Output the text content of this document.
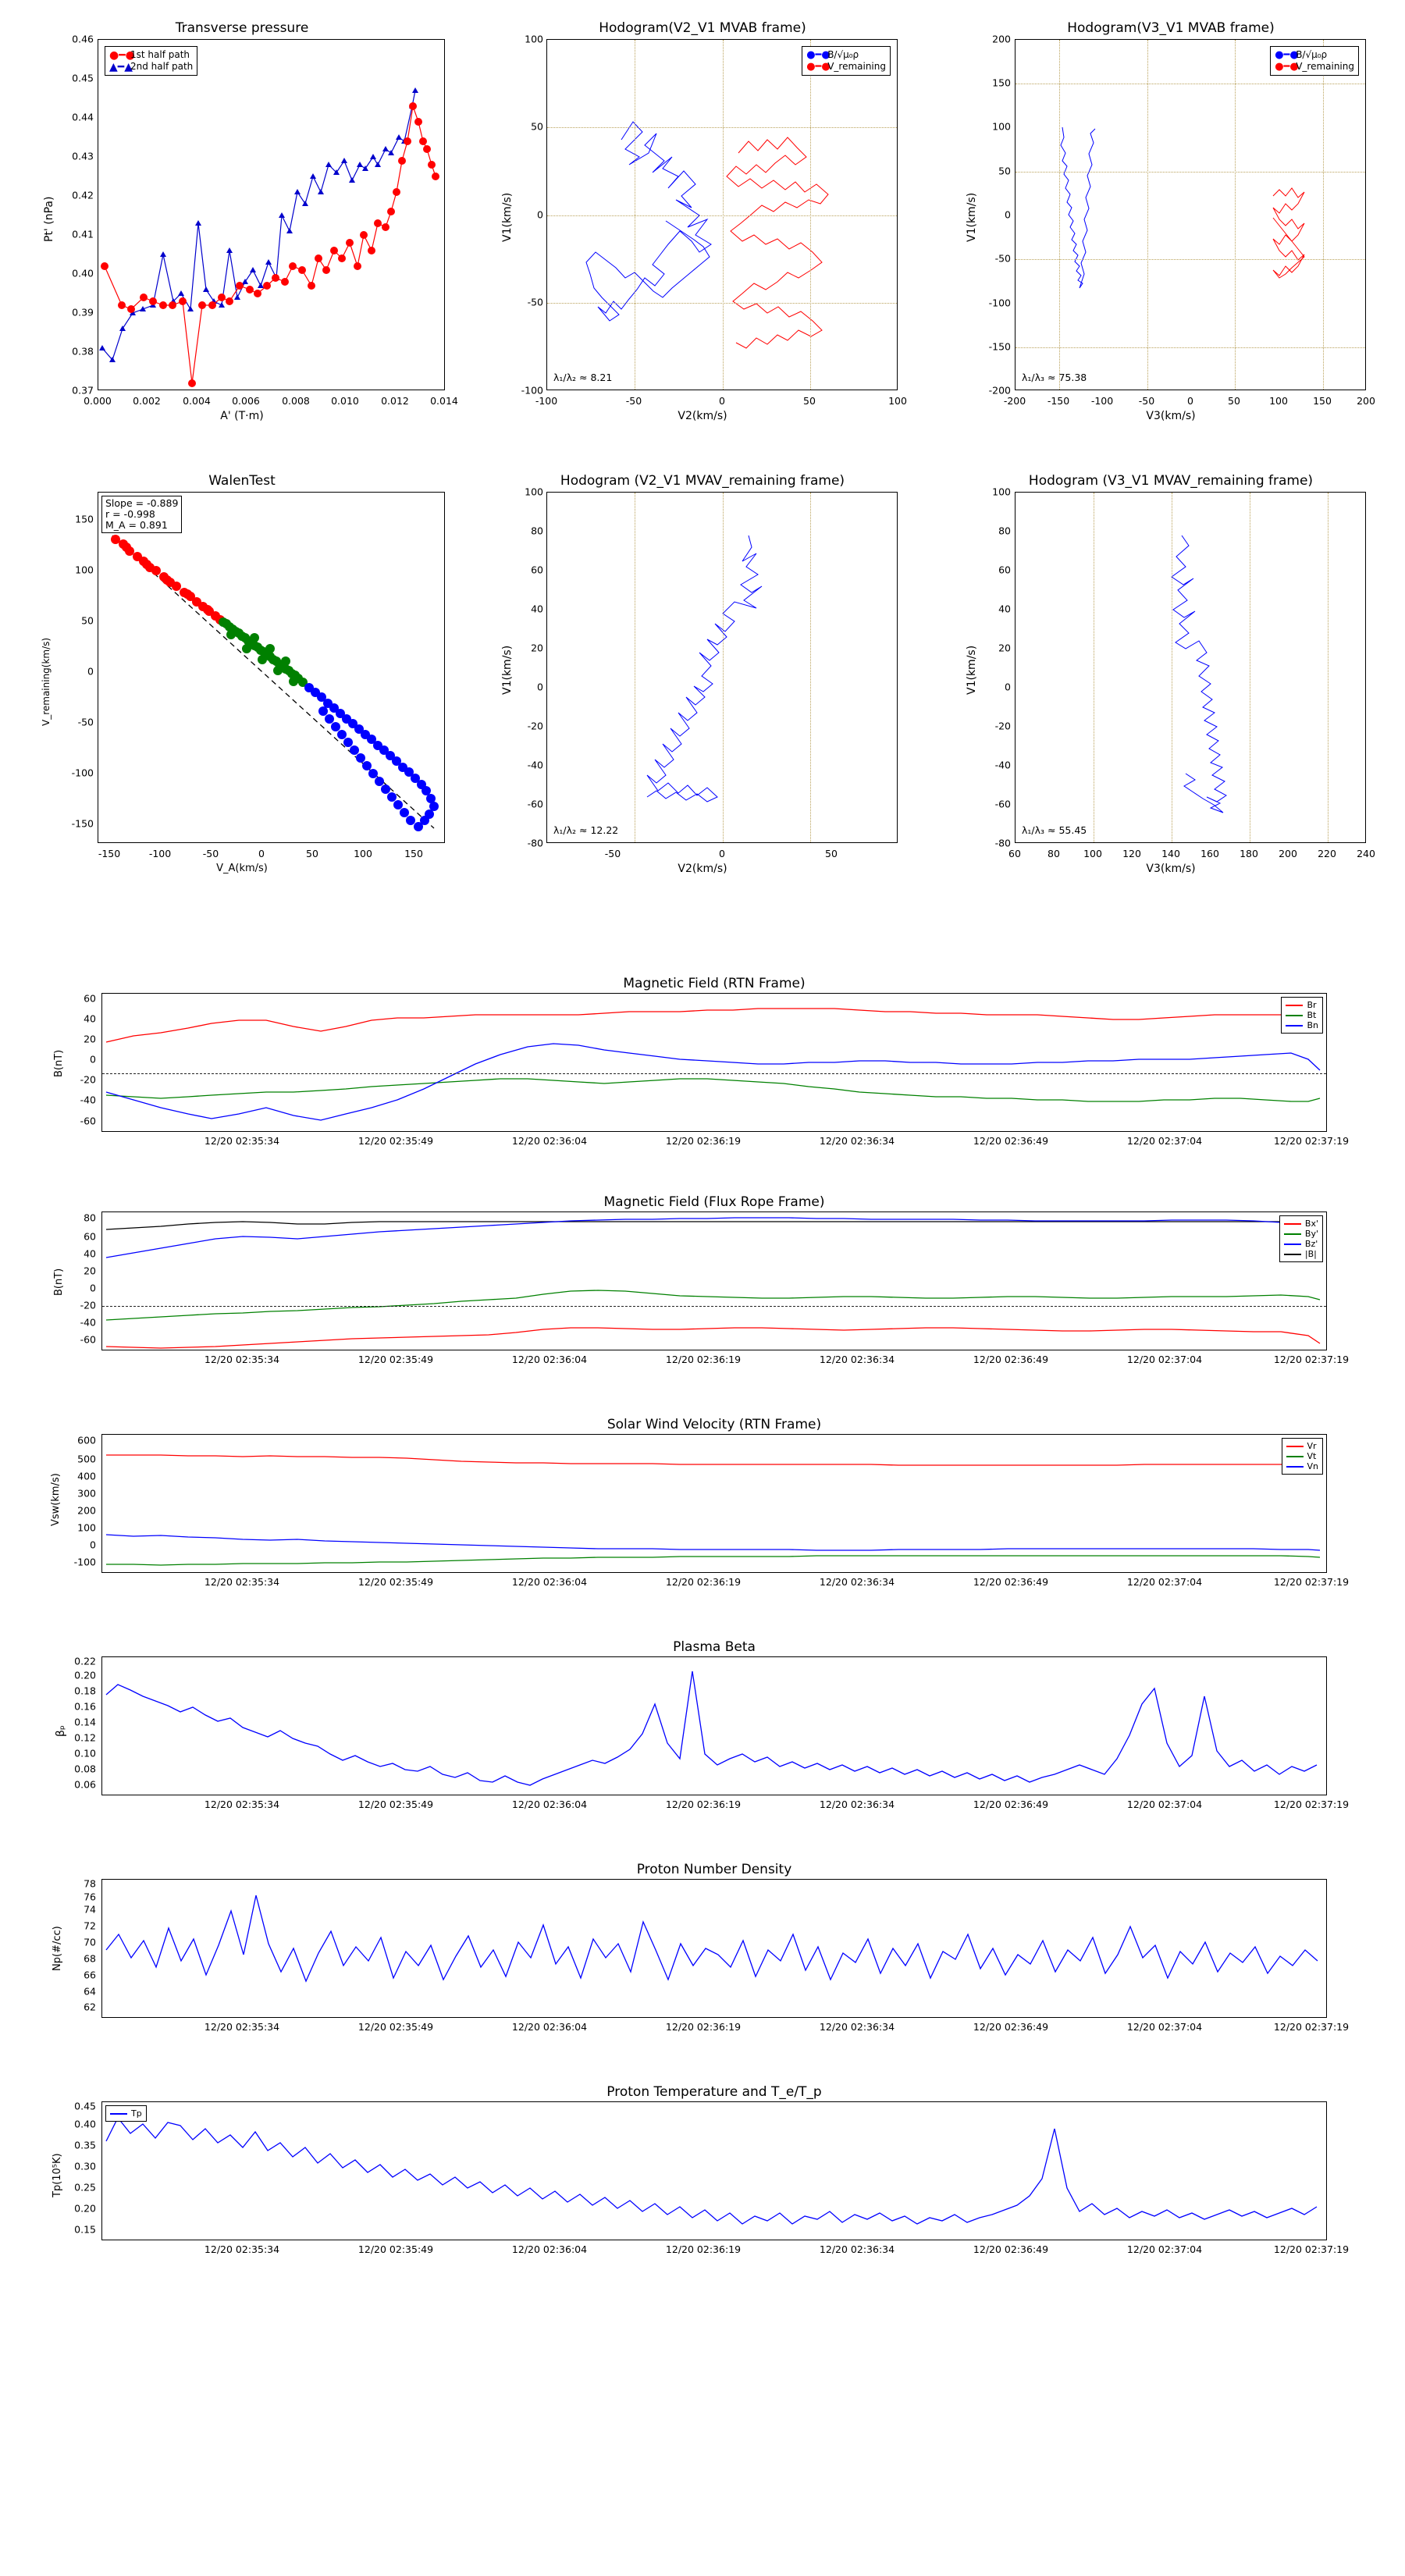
Transverse pressure
●━●
1st half path
▲━▲
2nd half path
0.37
0.38
0.39
0.40
0.41
0.42
0.43
0.44
0.45
0.46
0.000 0.002 0.004 0.006 0.008 0.010 0.012 0.014
A' (T·m)
Pt' (nPa)
Hodogram(V2_V1 MVAB frame)
●━●
B/√μ₀ρ
●━●
V_remaining
λ₁/λ₂ ≈ 8.21
-100
-50
0
50
100
-100	-50	0	50	100
V2(km/s)
V1(km/s)
Hodogram(V3_V1 MVAB frame)
●━●
B/√μ₀ρ
●━●
V_remaining
λ₁/λ₃ ≈ 75.38
-200
-150
-100
-50
0
50
100
150
200
-200 -150 -100	-50	0	50	100	150	200
V3(km/s)
V1(km/s)
WalenTest
Slope = -0.889
r = -0.998
M_A = 0.891
-150
-100
-50
0
50
100
150
-150	-100	-50	0	50	100	150
V_A(km/s)
V_remaining(km/s)
Hodogram (V2_V1 MVAV_remaining frame)
λ₁/λ₂ ≈ 12.22
-80
-60
-40
-20
0
20
40
60
80
100
-50	0	50
V2(km/s)
V1(km/s)
Hodogram (V3_V1 MVAV_remaining frame)
λ₁/λ₃ ≈ 55.45
-80
-60
-40
-20
0
20
40
60
80
100
60	80 100 120 140 160 180 200 220 240
V3(km/s)
V1(km/s)
Magnetic Field (RTN Frame)
Br
Bt
Bn
-60
-40
-20
0
20
40
60
B(nT)
12/20 02:35:34	12/20 02:35:49	12/20 02:36:04	12/20 02:36:19	12/20 02:36:34	12/20 02:36:49	12/20 02:37:04	12/20 02:37:19
Magnetic Field (Flux Rope Frame)
Bx'
By'
Bz'
|B|
-60
-40
-20
0
20
40
60
80
B(nT)
12/20 02:35:34	12/20 02:35:49	12/20 02:36:04	12/20 02:36:19	12/20 02:36:34	12/20 02:36:49	12/20 02:37:04	12/20 02:37:19
Solar Wind Velocity (RTN Frame)
Vr
Vt
Vn
-100
0
100
200
300
400
500
600
Vsw(km/s)
12/20 02:35:34	12/20 02:35:49	12/20 02:36:04	12/20 02:36:19	12/20 02:36:34	12/20 02:36:49	12/20 02:37:04	12/20 02:37:19
Plasma Beta
0.06
0.08
0.10
0.12
0.14
0.16
0.18
0.20
0.22
βₚ
12/20 02:35:34	12/20 02:35:49	12/20 02:36:04	12/20 02:36:19	12/20 02:36:34	12/20 02:36:49	12/20 02:37:04	12/20 02:37:19
Proton Number Density
62
64
66
68
70
72
74
76
78
Np(#/cc)
12/20 02:35:34	12/20 02:35:49	12/20 02:36:04	12/20 02:36:19	12/20 02:36:34	12/20 02:36:49	12/20 02:37:04	12/20 02:37:19
Proton Temperature and T_e/T_p
Tp
0.15
0.20
0.25
0.30
0.35
0.40
0.45
Tp(10⁵K)
12/20 02:35:34	12/20 02:35:49	12/20 02:36:04	12/20 02:36:19	12/20 02:36:34	12/20 02:36:49	12/20 02:37:04	12/20 02:37:19
